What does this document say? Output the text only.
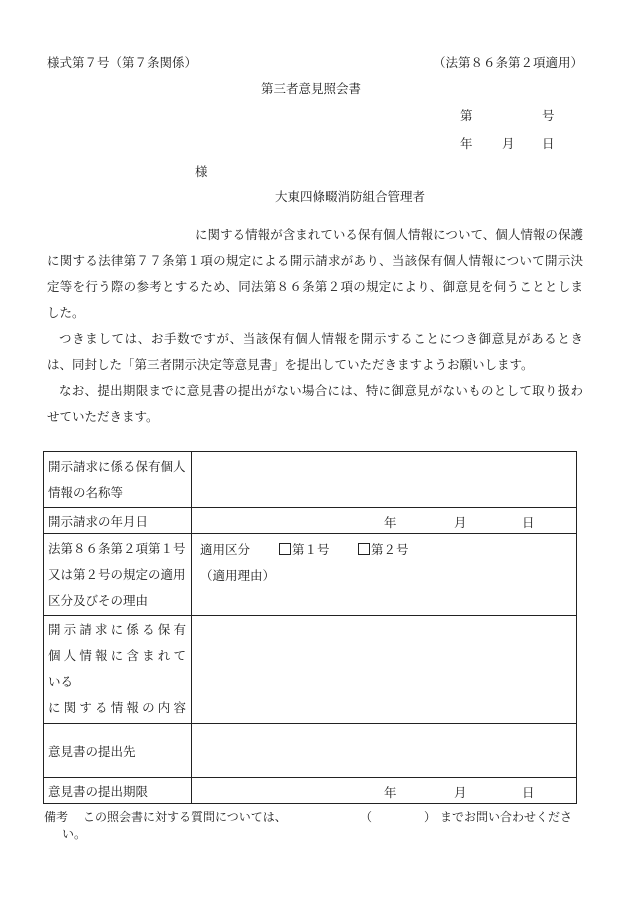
様式第７号（第７条関係）	（法第８６条第２項適用）
第三者意見照会書
第	号
年 月 日
様
大東四條畷消防組合管理者
に関する情報が含まれている保有個人情報について、個人情報の保護に関する法律第７７条第１項の規定による開示請求があり、当該保有個人情報について開示決定等を行う際の参考とするため、同法第８６条第２項の規定により、御意見を伺うこととしました。
つきましては、お手数ですが、当該保有個人情報を開示することにつき御意見があるときは、同封した「第三者開示決定等意見書」を提出していただきますようお願いします。
なお、提出期限までに意見書の提出がない場合には、特に御意見がないものとして取り扱わせていただきます。
開示請求に係る保有個人情報の名称等	
開示請求の年月日	年 月 日

法第８６条第２項第１号又は第２号の規定の適用区分及びその理由	適用区分 第１号 第２号
（適用理由）

開示請求に係る保有
個人情報に含まれて
いる
に関する情報の内容	

意見書の提出先	
意見書の提出期限	年 月 日
備考 この照会書に対する質問については、	（	） までお問い合わせくださ
い。
